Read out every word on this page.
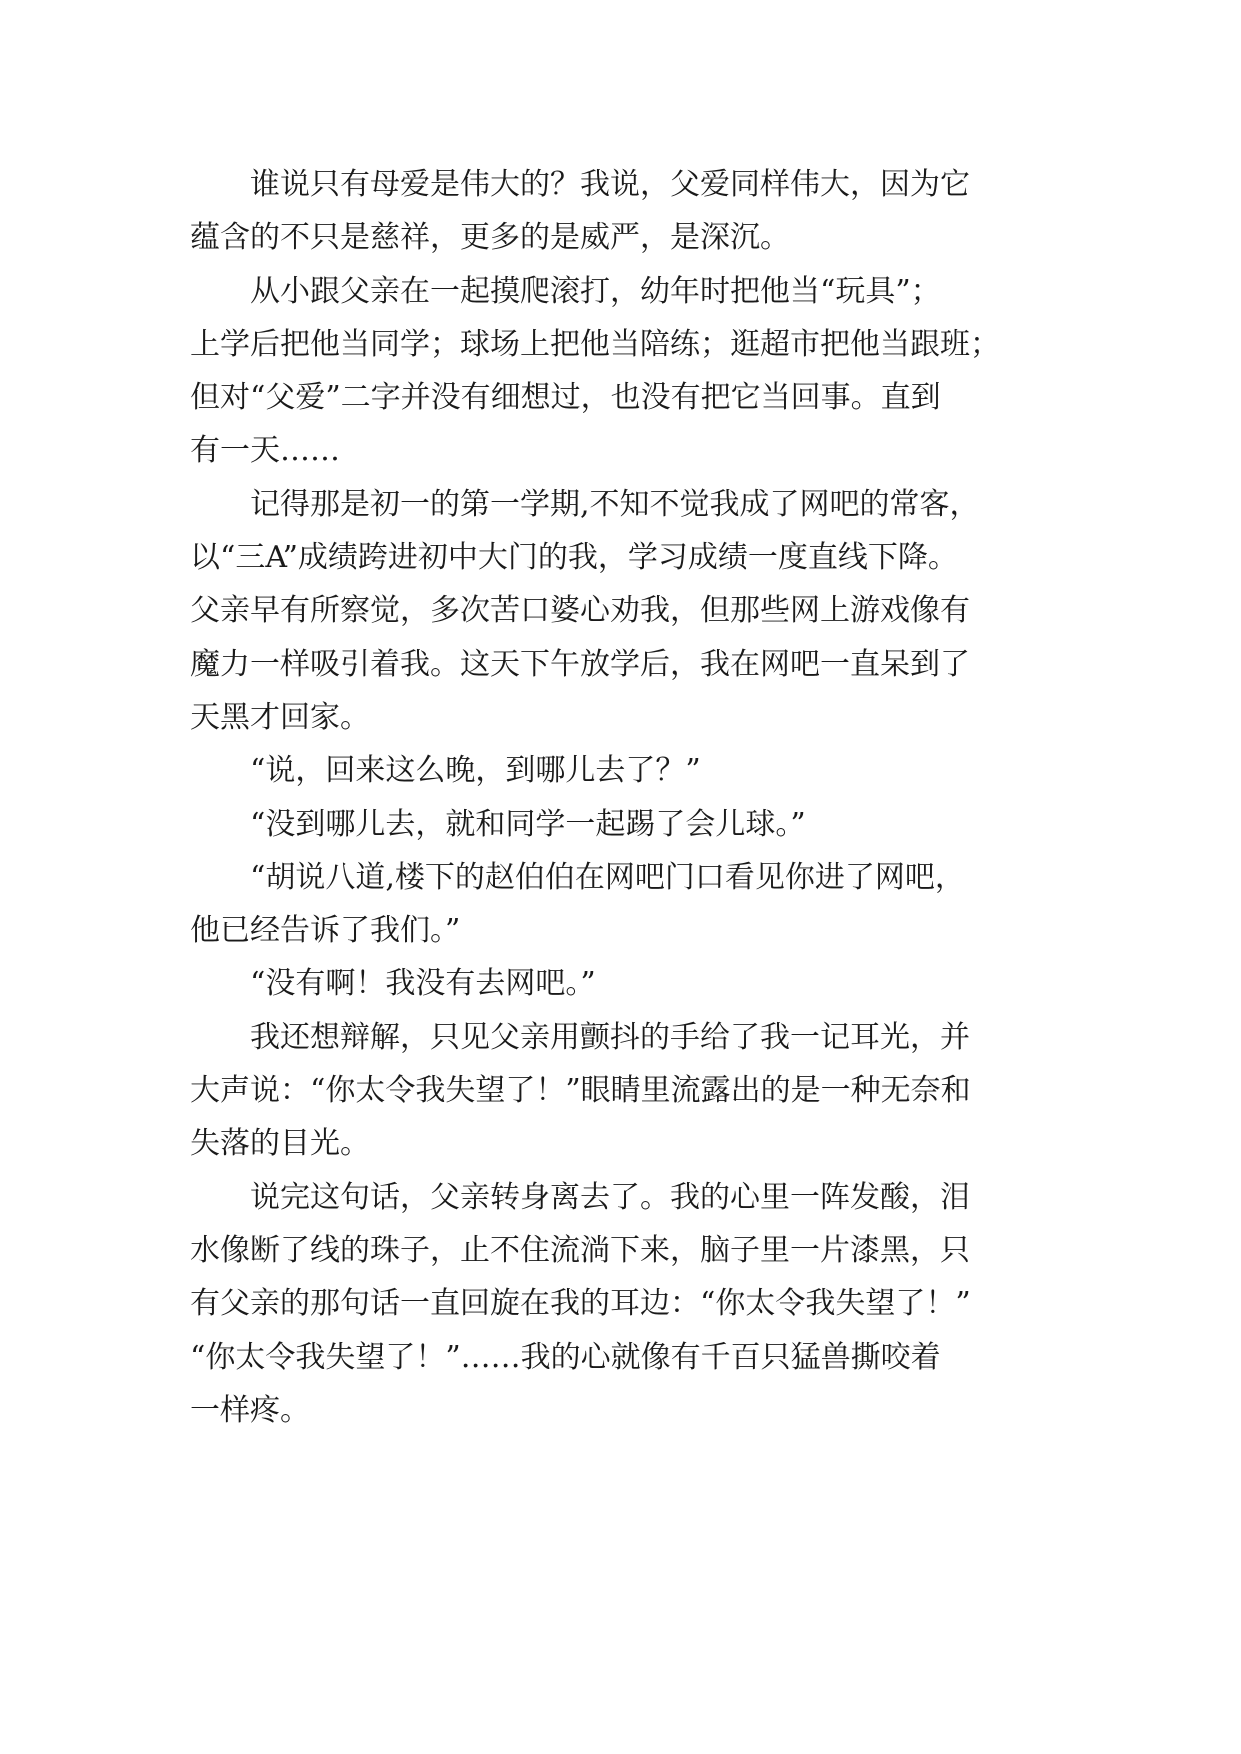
谁说只有母爱是伟大的？我说，父爱同样伟大，因为它
蕴含的不只是慈祥，更多的是威严，是深沉。
从小跟父亲在一起摸爬滚打，幼年时把他当“玩具”；
上学后把他当同学；球场上把他当陪练；逛超市把他当跟班；
但对“父爱”二字并没有细想过，也没有把它当回事。直到
有一天……
记得那是初一的第一学期,不知不觉我成了网吧的常客，
以“三A”成绩跨进初中大门的我，学习成绩一度直线下降。
父亲早有所察觉，多次苦口婆心劝我，但那些网上游戏像有
魔力一样吸引着我。这天下午放学后，我在网吧一直呆到了
天黑才回家。
“说，回来这么晚，到哪儿去了？”
“没到哪儿去，就和同学一起踢了会儿球。”
“胡说八道,楼下的赵伯伯在网吧门口看见你进了网吧，
他已经告诉了我们。”
“没有啊！我没有去网吧。”
我还想辩解，只见父亲用颤抖的手给了我一记耳光，并
大声说：“你太令我失望了！”眼睛里流露出的是一种无奈和
失落的目光。
说完这句话，父亲转身离去了。我的心里一阵发酸，泪
水像断了线的珠子，止不住流淌下来，脑子里一片漆黑，只
有父亲的那句话一直回旋在我的耳边：“你太令我失望了！”
“你太令我失望了！”……我的心就像有千百只猛兽撕咬着
一样疼。
